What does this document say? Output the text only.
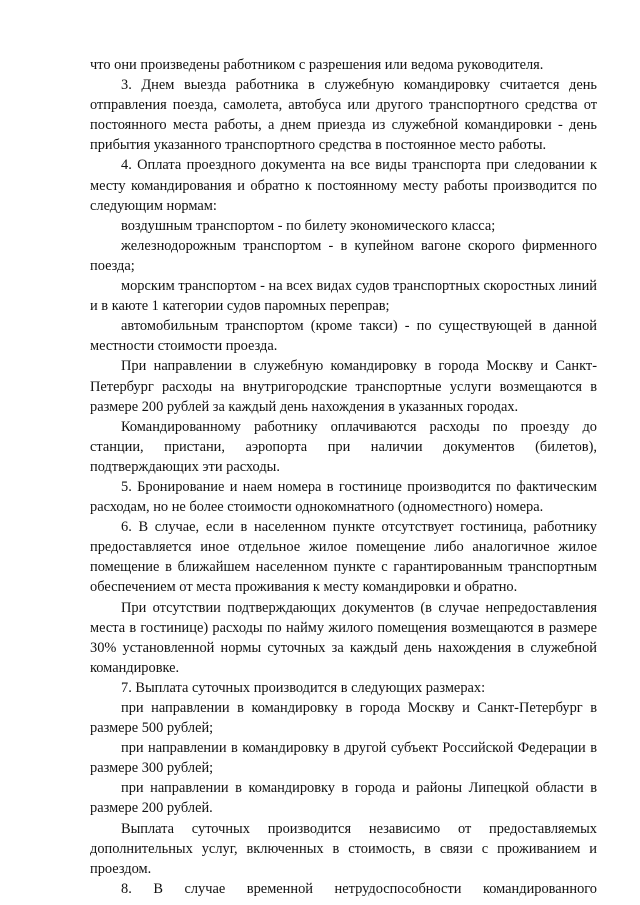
что они произведены работником с разрешения или ведома руководителя.

3. Днем выезда работника в служебную командировку считается день отправления поезда, самолета, автобуса или другого транспортного средства от постоянного места работы, а днем приезда из служебной командировки - день прибытия указанного транспортного средства в постоянное место работы.

4. Оплата проездного документа на все виды транспорта при следовании к месту командирования и обратно к постоянному месту работы производится по следующим нормам:

воздушным транспортом - по билету экономического класса;

железнодорожным транспортом - в купейном вагоне скорого фирменного поезда;

морским транспортом - на всех видах судов транспортных скоростных линий и в каюте 1 категории судов паромных переправ;

автомобильным транспортом (кроме такси) - по существующей в данной местности стоимости проезда.

При направлении в служебную командировку в города Москву и Санкт-Петербург расходы на внутригородские транспортные услуги возмещаются в размере 200 рублей за каждый день нахождения в указанных городах.

Командированному работнику оплачиваются расходы по проезду до станции, пристани, аэропорта при наличии документов (билетов), подтверждающих эти расходы.

5. Бронирование и наем номера в гостинице производится по фактическим расходам, но не более стоимости однокомнатного (одноместного) номера.

6. В случае, если в населенном пункте отсутствует гостиница, работнику предоставляется иное отдельное жилое помещение либо аналогичное жилое помещение в ближайшем населенном пункте с гарантированным транспортным обеспечением от места проживания к месту командировки и обратно.

При отсутствии подтверждающих документов (в случае непредоставления места в гостинице) расходы по найму жилого помещения возмещаются в размере 30% установленной нормы суточных за каждый день нахождения в служебной командировке.

7. Выплата суточных производится в следующих размерах:

при направлении в командировку в города Москву и Санкт-Петербург в размере 500 рублей;

при направлении в командировку в другой субъект Российской Федерации в размере 300 рублей;

при направлении в командировку в города и районы Липецкой области в размере 200 рублей.

Выплата суточных производится независимо от предоставляемых дополнительных услуг, включенных в стоимость, в связи с проживанием и проездом.

8. В случае временной нетрудоспособности командированного
